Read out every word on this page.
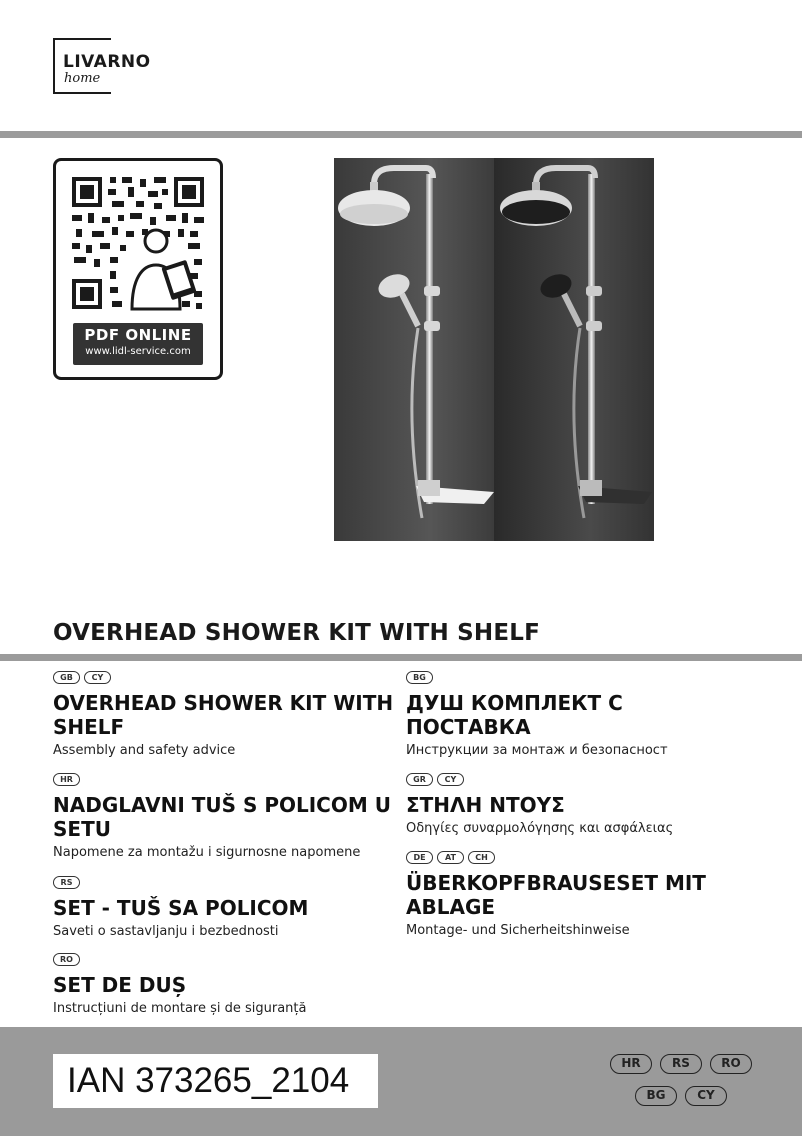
LIVARNO
home
PDF ONLINE
www.lidl-service.com
OVERHEAD SHOWER KIT WITH SHELF
GB	CY
OVERHEAD SHOWER KIT WITH SHELF
Assembly and safety advice
HR
NADGLAVNI TUŠ S POLICOM U SETU
Napomene za montažu i sigurnosne napomene
RS
SET - TUŠ SA POLICOM
Saveti o sastavljanju i bezbednosti
RO
SET DE DUȘ
Instrucțiuni de montare și de siguranță
BG
ДУШ КОМПЛЕКТ С ПОСТАВКА
Инструкции за монтаж и безопасност
GR	CY
ΣΤΗΛΗ ΝΤΟΥΣ
Οδηγίες συναρμολόγησης και ασφάλειας
DE	AT	CH
ÜBERKOPFBRAUSESET MIT ABLAGE
Montage- und Sicherheitshinweise
IAN 373265_2104	HR	RS	RO
BG	CY
